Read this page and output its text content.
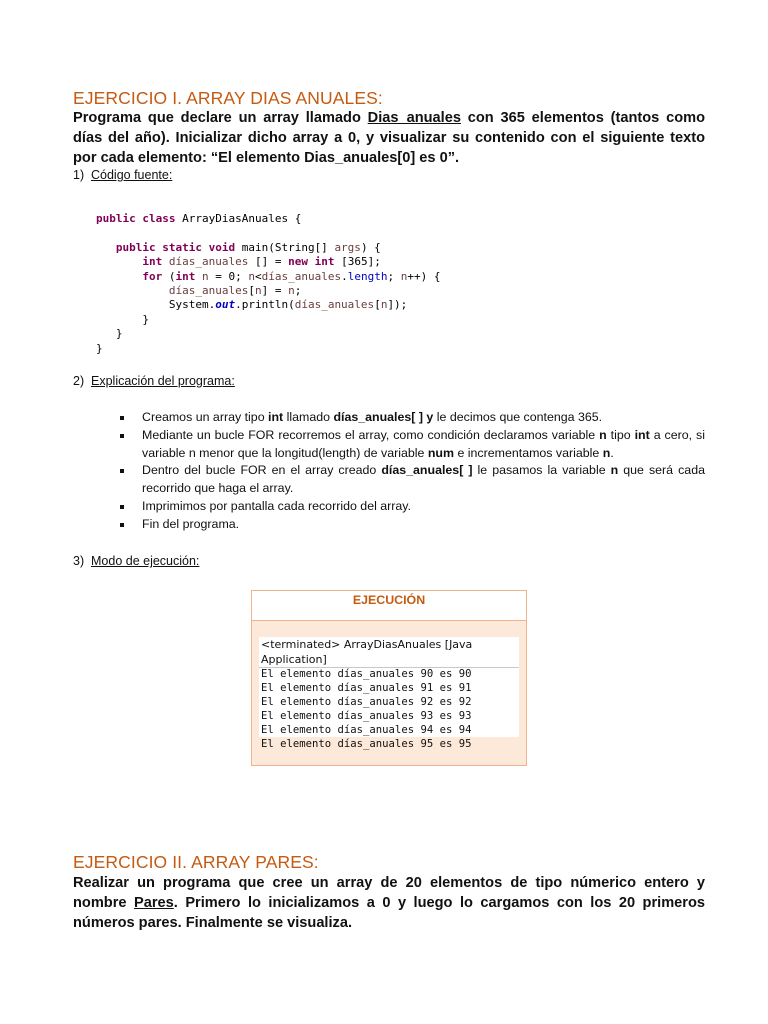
EJERCICIO I. ARRAY DIAS ANUALES:
Programa que declare un array llamado Dias_anuales con 365 elementos (tantos como días del año). Inicializar dicho array a 0, y visualizar su contenido con el siguiente texto por cada elemento: “El elemento Dias_anuales[0] es 0”.
1) Código fuente:
public class ArrayDiasAnuales {

public static void main(String[] args) {
int días_anuales [] = new int [365];
for (int n = 0; n<días_anuales.length; n++) {
días_anuales[n] = n;
System.out.println(días_anuales[n]);
}
}
}
2) Explicación del programa:
Creamos un array tipo int llamado días_anuales[ ] y le decimos que contenga 365.
Mediante un bucle FOR recorremos el array, como condición declaramos variable n tipo int a cero, si variable n menor que la longitud(length) de variable num e incrementamos variable n.
Dentro del bucle FOR en el array creado días_anuales[ ] le pasamos la variable n que será cada recorrido que haga el array.
Imprimimos por pantalla cada recorrido del array.
Fin del programa.
3) Modo de ejecución:
EJECUCIÓN
<terminated> ArrayDiasAnuales [Java Application]
El elemento días_anuales 90 es 90
El elemento días_anuales 91 es 91
El elemento días_anuales 92 es 92
El elemento días_anuales 93 es 93
El elemento días_anuales 94 es 94
El elemento días_anuales 95 es 95
EJERCICIO II. ARRAY PARES:
Realizar un programa que cree un array de 20 elementos de tipo númerico entero y nombre Pares. Primero lo inicializamos a 0 y luego lo cargamos con los 20 primeros números pares. Finalmente se visualiza.
